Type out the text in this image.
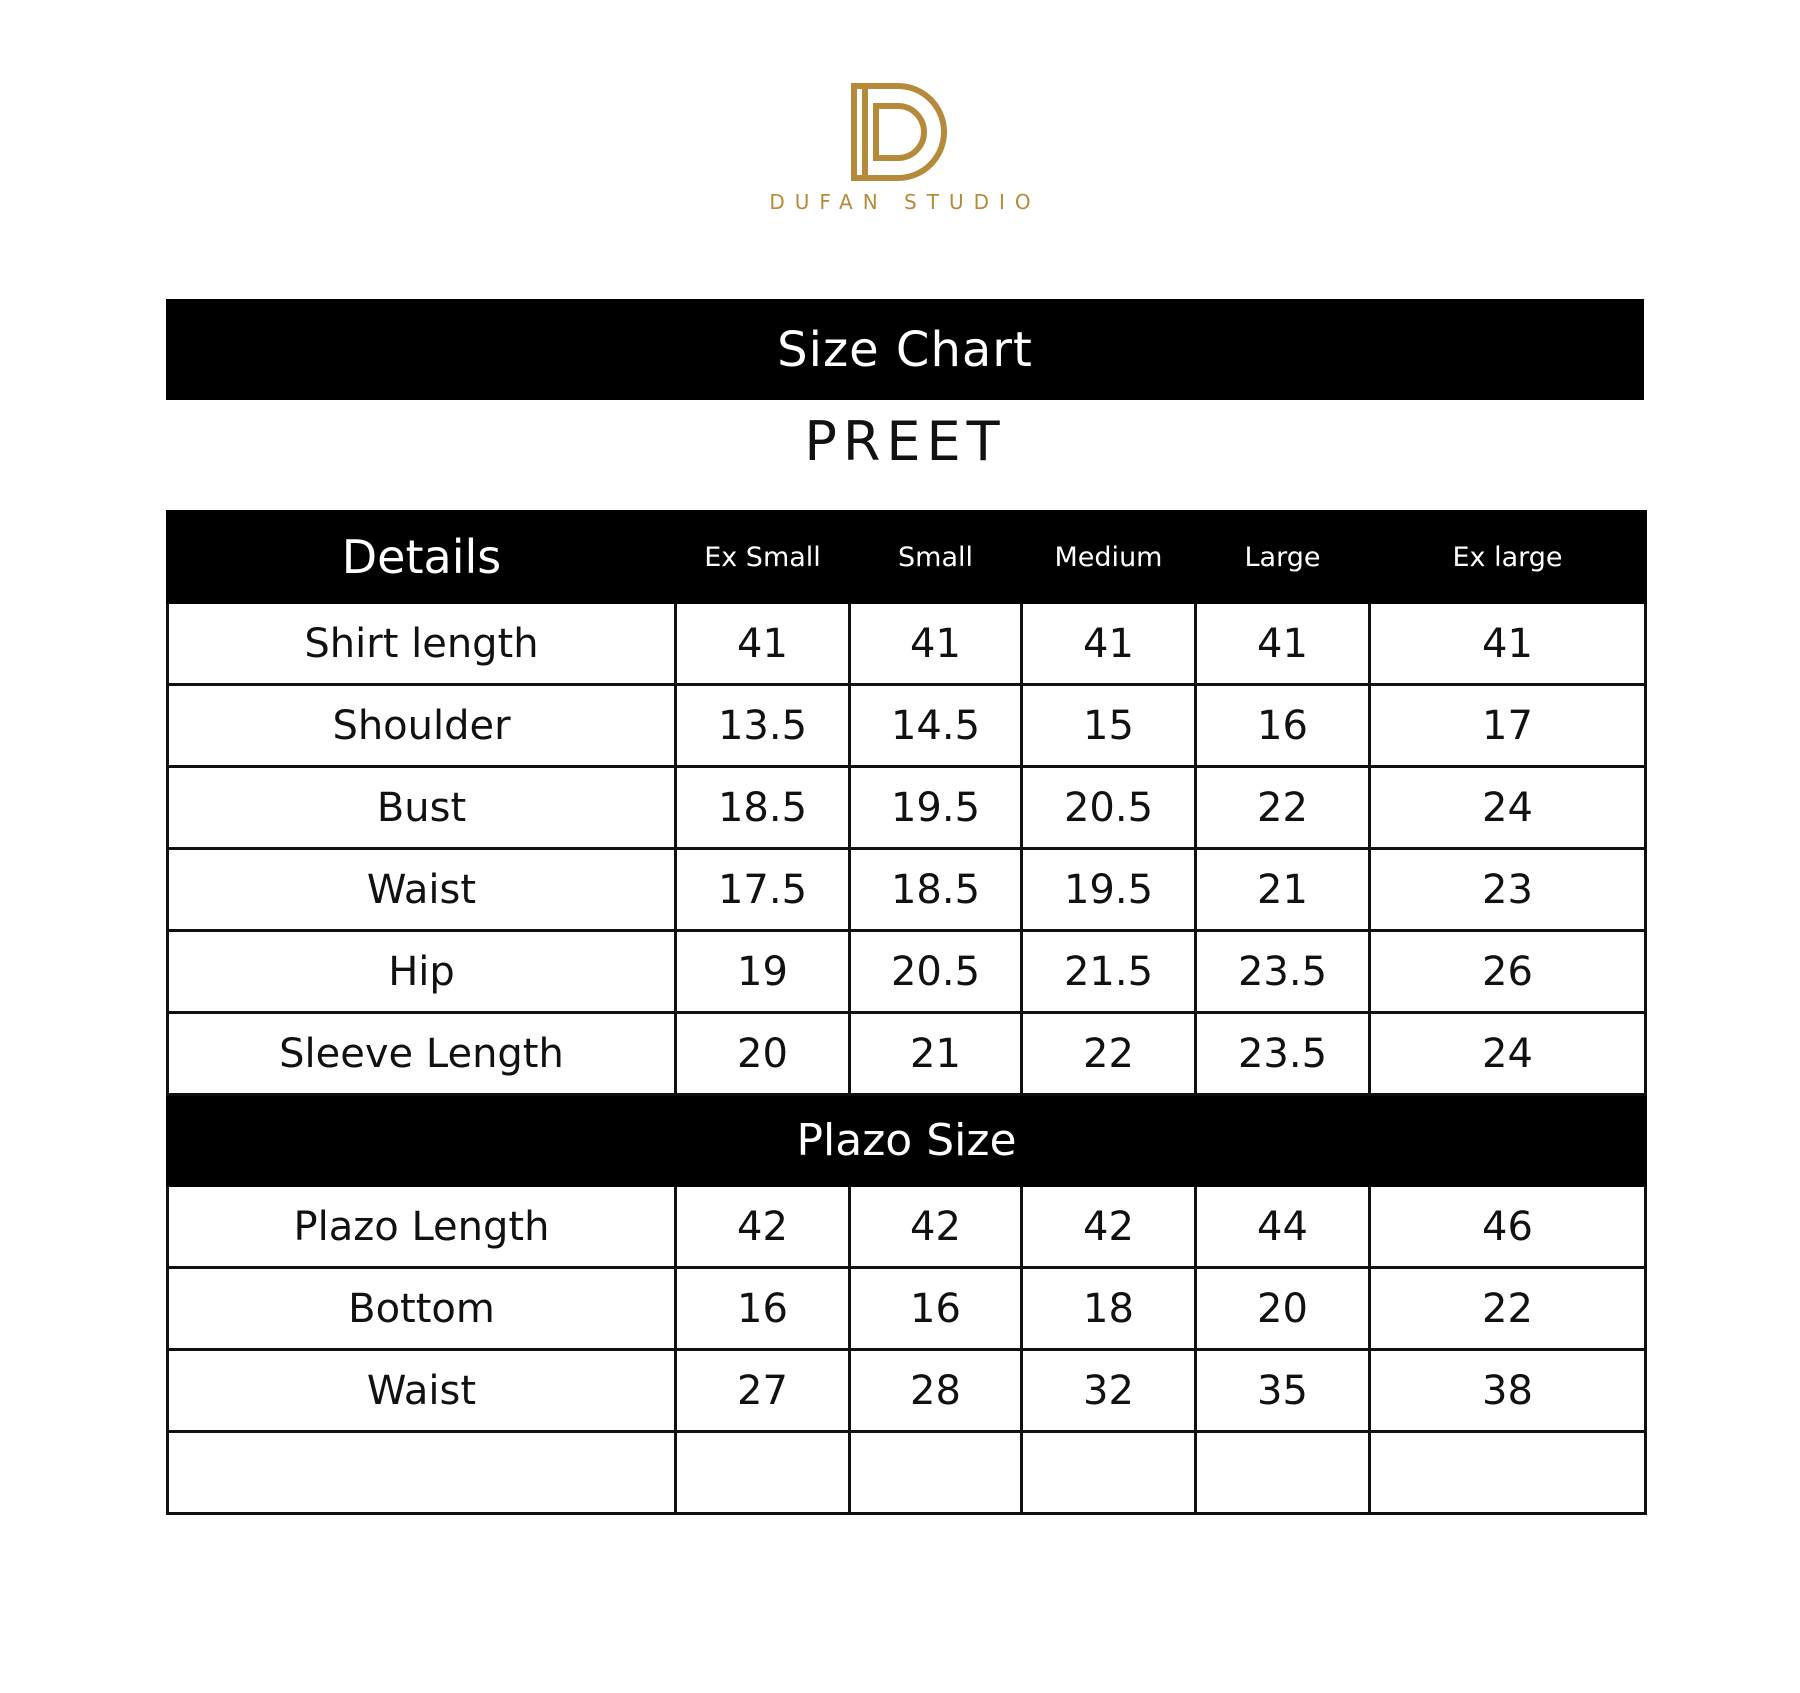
DUFAN STUDIO
Size Chart
PREET
Details	Ex Small	Small	Medium	Large	Ex large
Shirt length	41	41	41	41	41
Shoulder	13.5	14.5	15	16	17
Bust	18.5	19.5	20.5	22	24
Waist	17.5	18.5	19.5	21	23
Hip	19	20.5	21.5	23.5	26
Sleeve Length	20	21	22	23.5	24
Plazo Size					
Plazo Length	42	42	42	44	46
Bottom	16	16	18	20	22
Waist	27	28	32	35	38
